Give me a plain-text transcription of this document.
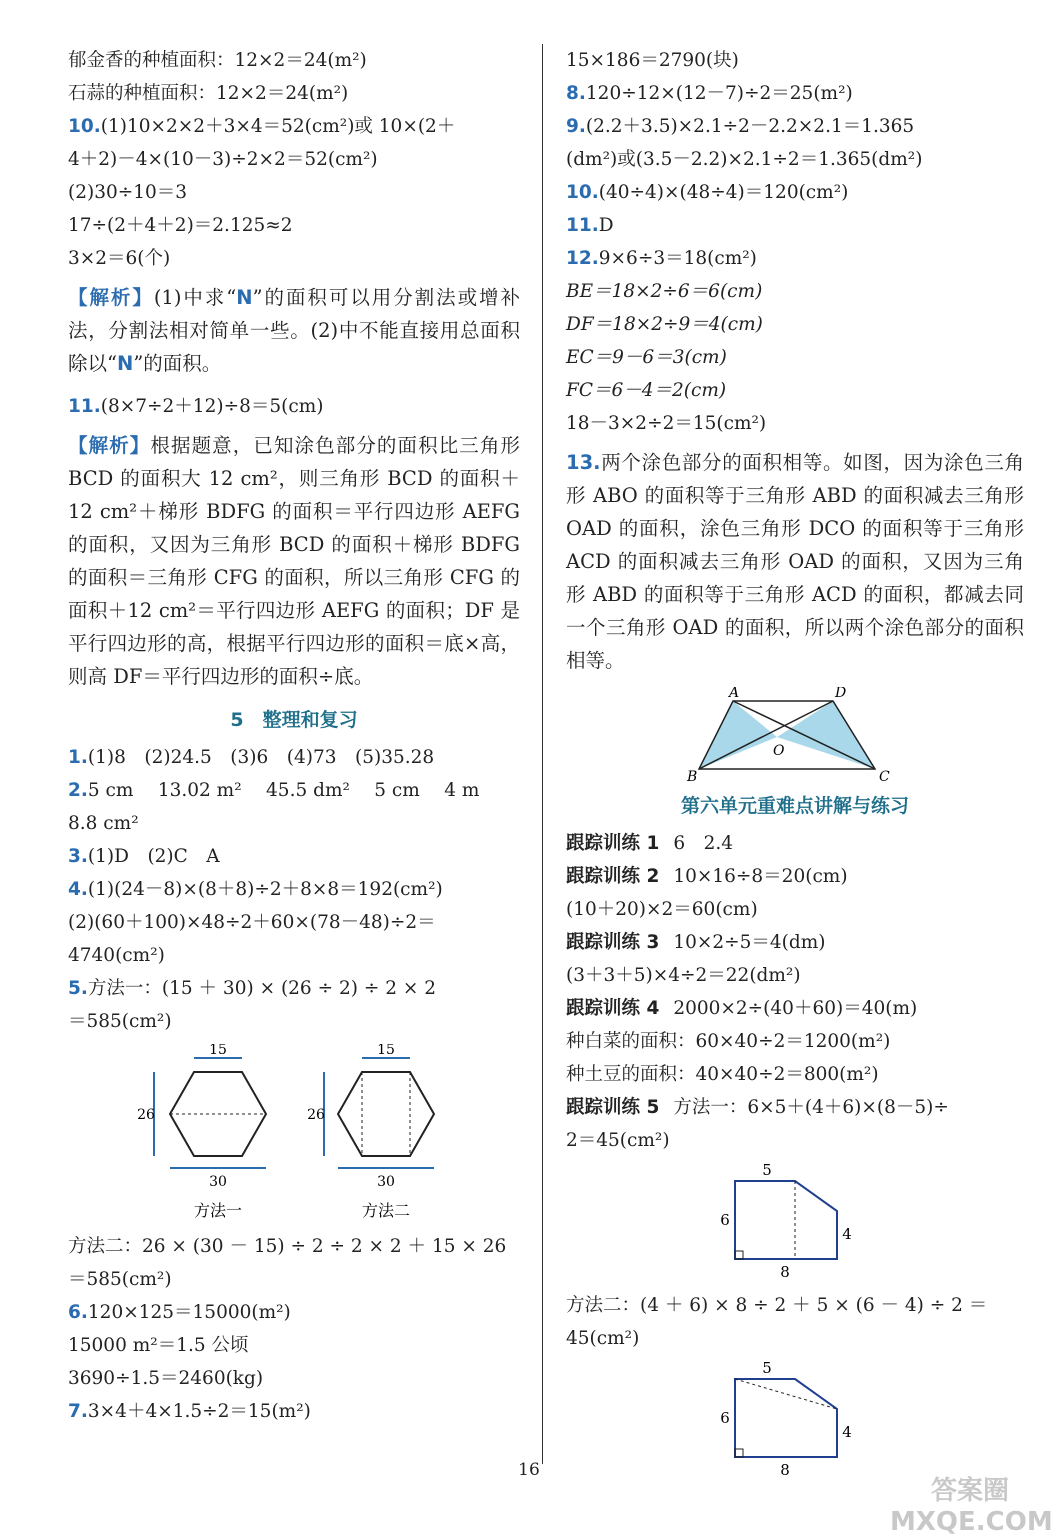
郁金香的种植面积：12×2＝24(m²)
石蒜的种植面积：12×2＝24(m²)
10.(1)10×2×2＋3×4＝52(cm²)或 10×(2＋
4＋2)－4×(10－3)÷2×2＝52(cm²)
(2)30÷10＝3
17÷(2＋4＋2)＝2.125≈2
3×2＝6(个)
【解析】(1)中求“N”的面积可以用分割法或增补法，分割法相对简单一些。(2)中不能直接用总面积除以“N”的面积。
11.(8×7÷2＋12)÷8＝5(cm)
【解析】根据题意，已知涂色部分的面积比三角形 BCD 的面积大 12 cm²，则三角形 BCD 的面积＋12 cm²＋梯形 BDFG 的面积＝平行四边形 AEFG 的面积，又因为三角形 BCD 的面积＋梯形 BDFG 的面积＝三角形 CFG 的面积，所以三角形 CFG 的面积＋12 cm²＝平行四边形 AEFG 的面积；DF 是平行四边形的高，根据平行四边形的面积＝底×高，则高 DF＝平行四边形的面积÷底。
5　整理和复习
1.(1)8　(2)24.5　(3)6　(4)73　(5)35.28
2.5 cm　 13.02 m²　 45.5 dm²　 5 cm　 4 m
8.8 cm²
3.(1)D　(2)C　A
4.(1)(24－8)×(8＋8)÷2＋8×8＝192(cm²)
(2)(60＋100)×48÷2＋60×(78－48)÷2＝
4740(cm²)
5.方法一：(15 ＋ 30) × (26 ÷ 2) ÷ 2 × 2
＝585(cm²)
15
26
30
方法一
15
26
30
方法二
方法二：26 × (30 － 15) ÷ 2 ÷ 2 × 2 ＋ 15 × 26
＝585(cm²)
6.120×125＝15000(m²)
15000 m²＝1.5 公顷
3690÷1.5＝2460(kg)
7.3×4＋4×1.5÷2＝15(m²)
15×186＝2790(块)
8.120÷12×(12－7)÷2＝25(m²)
9.(2.2＋3.5)×2.1÷2－2.2×2.1＝1.365
(dm²)或(3.5－2.2)×2.1÷2＝1.365(dm²)
10.(40÷4)×(48÷4)＝120(cm²)
11.D
12.9×6÷3＝18(cm²)
BE＝18×2÷6＝6(cm)
DF＝18×2÷9＝4(cm)
EC＝9－6＝3(cm)
FC＝6－4＝2(cm)
18－3×2÷2＝15(cm²)
13.两个涂色部分的面积相等。如图，因为涂色三角形 ABO 的面积等于三角形 ABD 的面积减去三角形 OAD 的面积，涂色三角形 DCO 的面积等于三角形 ACD 的面积减去三角形 OAD 的面积，又因为三角形 ABD 的面积等于三角形 ACD 的面积，都减去同一个三角形 OAD 的面积，所以两个涂色部分的面积相等。
A	D
O
B	C
第六单元重难点讲解与练习
跟踪训练 1 6　2.4
跟踪训练 2 10×16÷8＝20(cm)
(10＋20)×2＝60(cm)
跟踪训练 3 10×2÷5＝4(dm)
(3＋3＋5)×4÷2＝22(dm²)
跟踪训练 4 2000×2÷(40＋60)＝40(m)
种白菜的面积：60×40÷2＝1200(m²)
种土豆的面积：40×40÷2＝800(m²)
跟踪训练 5 方法一：6×5＋(4＋6)×(8－5)÷
2＝45(cm²)
5
6
4
8
方法二：(4 ＋ 6) × 8 ÷ 2 ＋ 5 × (6 － 4) ÷ 2 ＝
45(cm²)
5
6
4
8
16
答案圈 MXQE.COM
